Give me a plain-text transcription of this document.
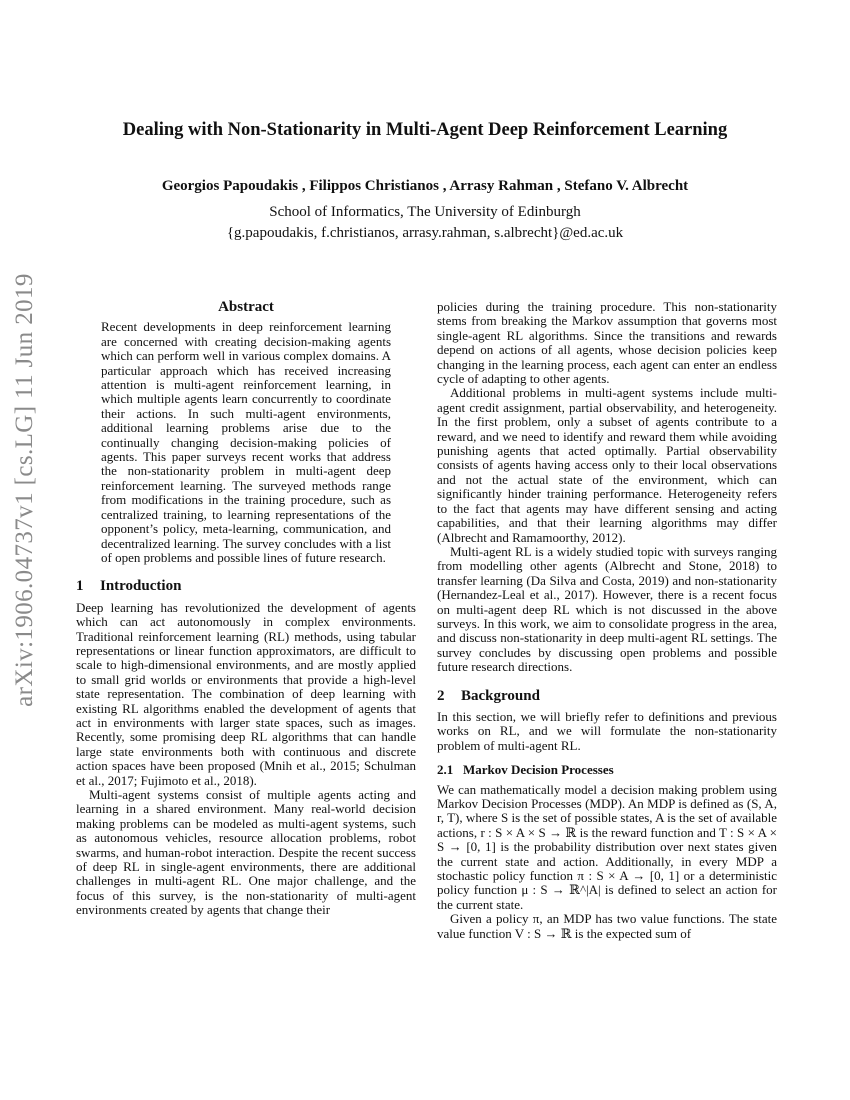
arXiv:1906.04737v1 [cs.LG] 11 Jun 2019
Dealing with Non-Stationarity in Multi-Agent Deep Reinforcement Learning
Georgios Papoudakis , Filippos Christianos , Arrasy Rahman , Stefano V. Albrecht
School of Informatics, The University of Edinburgh
{g.papoudakis, f.christianos, arrasy.rahman, s.albrecht}@ed.ac.uk
Abstract

Recent developments in deep reinforcement learning are concerned with creating decision-making agents which can perform well in various complex domains. A particular approach which has received increasing attention is multi-agent reinforcement learning, in which multiple agents learn concurrently to coordinate their actions. In such multi-agent environments, additional learning problems arise due to the continually changing decision-making policies of agents. This paper surveys recent works that address the non-stationarity problem in multi-agent deep reinforcement learning. The surveyed methods range from modifications in the training procedure, such as centralized training, to learning representations of the opponent’s policy, meta-learning, communication, and decentralized learning. The survey concludes with a list of open problems and possible lines of future research.

1 Introduction

Deep learning has revolutionized the development of agents which can act autonomously in complex environments. Traditional reinforcement learning (RL) methods, using tabular representations or linear function approximators, are difficult to scale to high-dimensional environments, and are mostly applied to small grid worlds or environments that provide a high-level state representation. The combination of deep learning with existing RL algorithms enabled the development of agents that act in environments with larger state spaces, such as images. Recently, some promising deep RL algorithms that can handle large state environments both with continuous and discrete action spaces have been proposed (Mnih et al., 2015; Schulman et al., 2017; Fujimoto et al., 2018).

Multi-agent systems consist of multiple agents acting and learning in a shared environment. Many real-world decision making problems can be modeled as multi-agent systems, such as autonomous vehicles, resource allocation problems, robot swarms, and human-robot interaction. Despite the recent success of deep RL in single-agent environments, there are additional challenges in multi-agent RL. One major challenge, and the focus of this survey, is the non-stationarity of multi-agent environments created by agents that change their

policies during the training procedure. This non-stationarity stems from breaking the Markov assumption that governs most single-agent RL algorithms. Since the transitions and rewards depend on actions of all agents, whose decision policies keep changing in the learning process, each agent can enter an endless cycle of adapting to other agents.

Additional problems in multi-agent systems include multi-agent credit assignment, partial observability, and heterogeneity. In the first problem, only a subset of agents contribute to a reward, and we need to identify and reward them while avoiding punishing agents that acted optimally. Partial observability consists of agents having access only to their local observations and not the actual state of the environment, which can significantly hinder training performance. Heterogeneity refers to the fact that agents may have different sensing and acting capabilities, and that their learning algorithms may differ (Albrecht and Ramamoorthy, 2012).

Multi-agent RL is a widely studied topic with surveys ranging from modelling other agents (Albrecht and Stone, 2018) to transfer learning (Da Silva and Costa, 2019) and non-stationarity (Hernandez-Leal et al., 2017). However, there is a recent focus on multi-agent deep RL which is not discussed in the above surveys. In this work, we aim to consolidate progress in the area, and discuss non-stationarity in deep multi-agent RL settings. The survey concludes by discussing open problems and possible future research directions.

2 Background

In this section, we will briefly refer to definitions and previous works on RL, and we will formulate the non-stationarity problem of multi-agent RL.

2.1 Markov Decision Processes

We can mathematically model a decision making problem using Markov Decision Processes (MDP). An MDP is defined as (S, A, r, T), where S is the set of possible states, A is the set of available actions, r : S × A × S → ℝ is the reward function and T : S × A × S → [0, 1] is the probability distribution over next states given the current state and action. Additionally, in every MDP a stochastic policy function π : S × A → [0, 1] or a deterministic policy function μ : S → ℝ^|A| is defined to select an action for the current state.

Given a policy π, an MDP has two value functions. The state value function V : S → ℝ is the expected sum of
